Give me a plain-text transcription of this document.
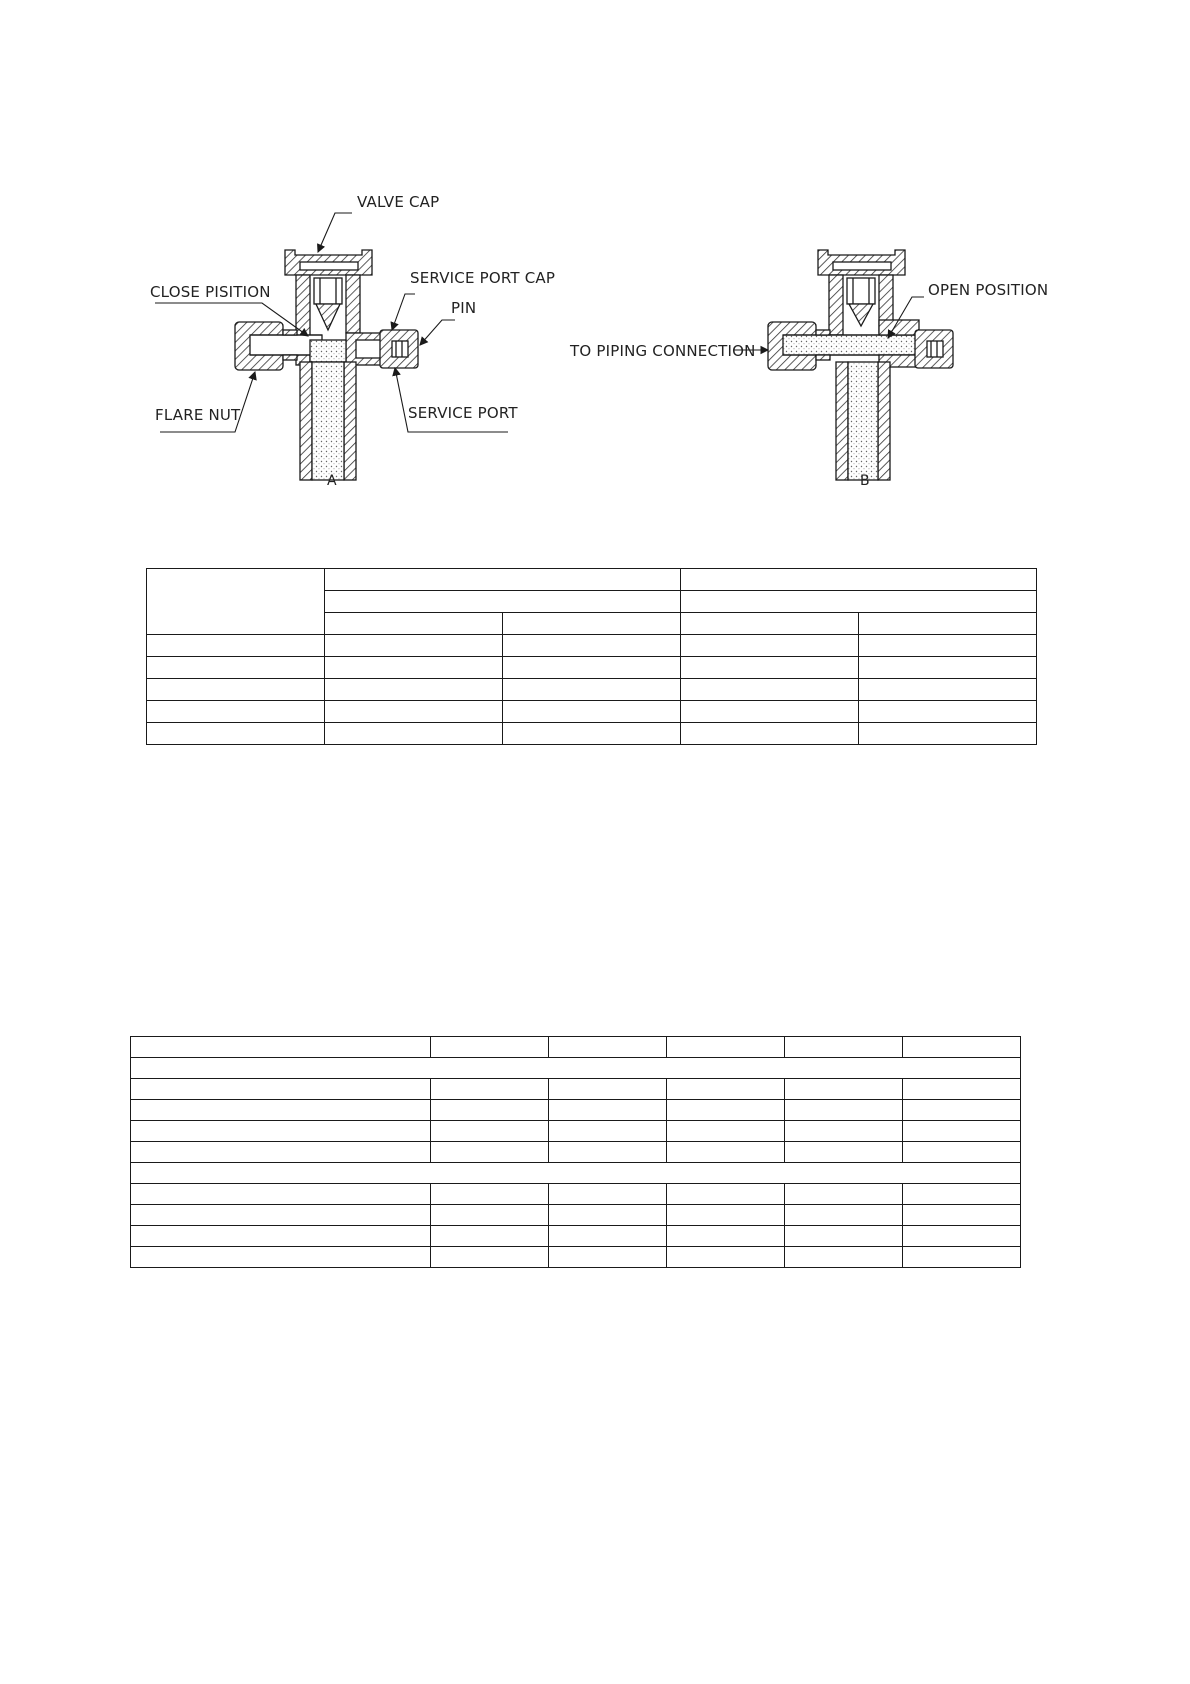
VALVE CAP
CLOSE PISITION
SERVICE PORT CAP
PIN
FLARE NUT	SERVICE PORT
OPEN POSITION
TO PIPING CONNECTION
A	B
